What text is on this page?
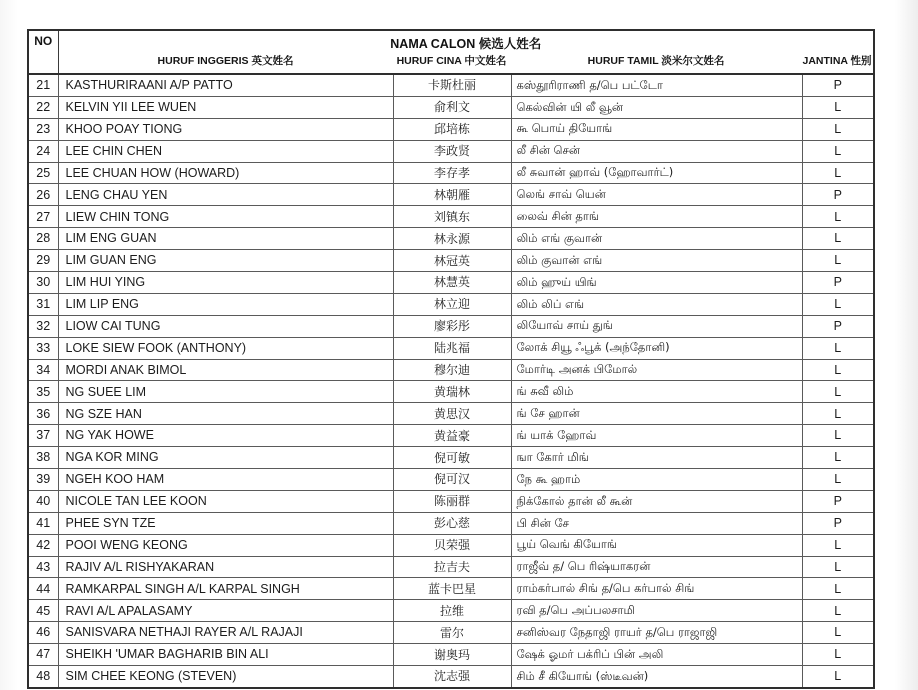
NO	NAMA CALON 候选人姓名
HURUF INGGERIS 英文姓名 HURUF CINA 中文姓名 HURUF TAMIL 淡米尔文姓名 JANTINA 性别			

21	KASTHURIRAANI A/P PATTO	卡斯杜丽	கஸ்தூரிராணி த/பெ பட்டோ	P
22	KELVIN YII LEE WUEN	俞利文	கெல்வின் யி லீ வூன்	L
23	KHOO POAY TIONG	邱培栋	கூ பொய் தியோங்	L
24	LEE CHIN CHEN	李政贤	லீ சின் சென்	L
25	LEE CHUAN HOW (HOWARD)	李存孝	லீ சுவான் ஹாவ் (ஹோவார்ட்)	L
26	LENG CHAU YEN	林朝雁	லெங் சாவ் யென்	P
27	LIEW CHIN TONG	刘镇东	லைவ் சின் தாங்	L
28	LIM ENG GUAN	林永源	லிம் எங் குவான்	L
29	LIM GUAN ENG	林冠英	லிம் குவான் எங்	L
30	LIM HUI YING	林慧英	லிம் ஹுய் யிங்	P
31	LIM LIP ENG	林立迎	லிம் லிப் எங்	L
32	LIOW CAI TUNG	廖彩彤	லியோவ் சாய் துங்	P
33	LOKE SIEW FOOK (ANTHONY)	陆兆福	லோக் சியூ ஃபூக் (அந்தோனி)	L
34	MORDI ANAK BIMOL	穆尔迪	மோர்டி அனக் பிமோல்	L
35	NG SUEE LIM	黄瑞林	ங் சுவீ லிம்	L
36	NG SZE HAN	黄思汉	ங் சே ஹான்	L
37	NG YAK HOWE	黄益豪	ங் யாக் ஹோவ்	L
38	NGA KOR MING	倪可敏	ஙா கோர் மிங்	L
39	NGEH KOO HAM	倪可汉	நே கூ ஹாம்	L
40	NICOLE TAN LEE KOON	陈丽群	நிக்கோல் தான் லீ கூன்	P
41	PHEE SYN TZE	彭心慈	பி சின் சே	P
42	POOI WENG KEONG	贝荣强	பூய் வெங் கியோங்	L
43	RAJIV A/L RISHYAKARAN	拉吉夫	ராஜீவ் த/ பெ ரிஷ்யாகரன்	L
44	RAMKARPAL SINGH A/L KARPAL SINGH	蓝卡巴星	ராம்கர்பால் சிங் த/பெ கர்பால் சிங்	L
45	RAVI A/L APALASAMY	拉维	ரவி த/பெ அப்பலசாமி	L
46	SANISVARA NETHAJI RAYER A/L RAJAJI	雷尔	சனிஸ்வர நேதாஜி ராயர் த/பெ ராஜாஜி	L
47	SHEIKH 'UMAR BAGHARIB BIN ALI	谢奥玛	ஷேக் ஓமர் பக்ரிப் பின் அலி	L
48	SIM CHEE KEONG (STEVEN)	沈志强	சிம் சீ கியோங் (ஸ்டீவன்)	L
